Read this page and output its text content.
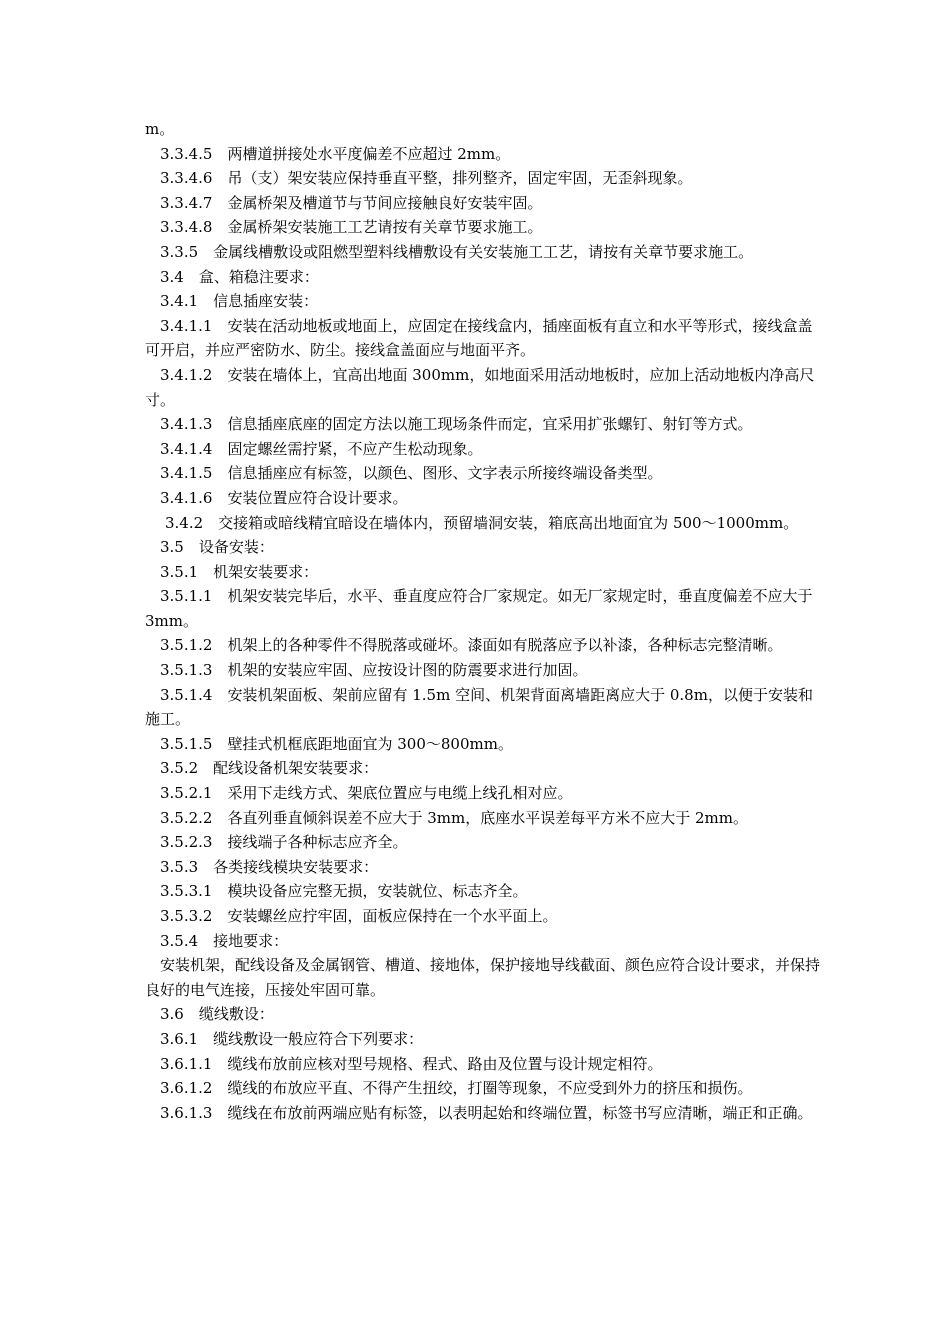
m。

3.3.4.5　两槽道拼接处水平度偏差不应超过 2mm。

3.3.4.6　吊（支）架安装应保持垂直平整，排列整齐，固定牢固，无歪斜现象。

3.3.4.7　金属桥架及槽道节与节间应接触良好安装牢固。

3.3.4.8　金属桥架安装施工工艺请按有关章节要求施工。

3.3.5　金属线槽敷设或阻燃型塑料线槽敷设有关安装施工工艺，请按有关章节要求施工。

3.4　盒、箱稳注要求：

3.4.1　信息插座安装：

3.4.1.1　安装在活动地板或地面上，应固定在接线盒内，插座面板有直立和水平等形式，接线盒盖可开启，并应严密防水、防尘。接线盒盖面应与地面平齐。

3.4.1.2　安装在墙体上，宜高出地面 300mm，如地面采用活动地板时，应加上活动地板内净高尺寸。

3.4.1.3　信息插座底座的固定方法以施工现场条件而定，宜采用扩张螺钉、射钉等方式。

3.4.1.4　固定螺丝需拧紧，不应产生松动现象。

3.4.1.5　信息插座应有标签，以颜色、图形、文字表示所接终端设备类型。

3.4.1.6　安装位置应符合设计要求。

3.4.2　交接箱或暗线精宜暗设在墙体内，预留墙洞安装，箱底高出地面宜为 500～1000mm。

3.5　设备安装：

3.5.1　机架安装要求：

3.5.1.1　机架安装完毕后，水平、垂直度应符合厂家规定。如无厂家规定时，垂直度偏差不应大于 3mm。

3.5.1.2　机架上的各种零件不得脱落或碰坏。漆面如有脱落应予以补漆，各种标志完整清晰。

3.5.1.3　机架的安装应牢固、应按设计图的防震要求进行加固。

3.5.1.4　安装机架面板、架前应留有 1.5m 空间、机架背面离墙距离应大于 0.8m，以便于安装和施工。

3.5.1.5　壁挂式机框底距地面宜为 300～800mm。

3.5.2　配线设备机架安装要求：

3.5.2.1　采用下走线方式、架底位置应与电缆上线孔相对应。

3.5.2.2　各直列垂直倾斜误差不应大于 3mm，底座水平误差每平方米不应大于 2mm。

3.5.2.3　接线端子各种标志应齐全。

3.5.3　各类接线模块安装要求：

3.5.3.1　模块设备应完整无损，安装就位、标志齐全。

3.5.3.2　安装螺丝应拧牢固，面板应保持在一个水平面上。

3.5.4　接地要求：

安装机架，配线设备及金属钢管、槽道、接地体，保护接地导线截面、颜色应符合设计要求，并保持良好的电气连接，压接处牢固可靠。

3.6　缆线敷设：

3.6.1　缆线敷设一般应符合下列要求：

3.6.1.1　缆线布放前应核对型号规格、程式、路由及位置与设计规定相符。

3.6.1.2　缆线的布放应平直、不得产生扭绞，打圈等现象，不应受到外力的挤压和损伤。

3.6.1.3　缆线在布放前两端应贴有标签，以表明起始和终端位置，标签书写应清晰，端正和正确。
